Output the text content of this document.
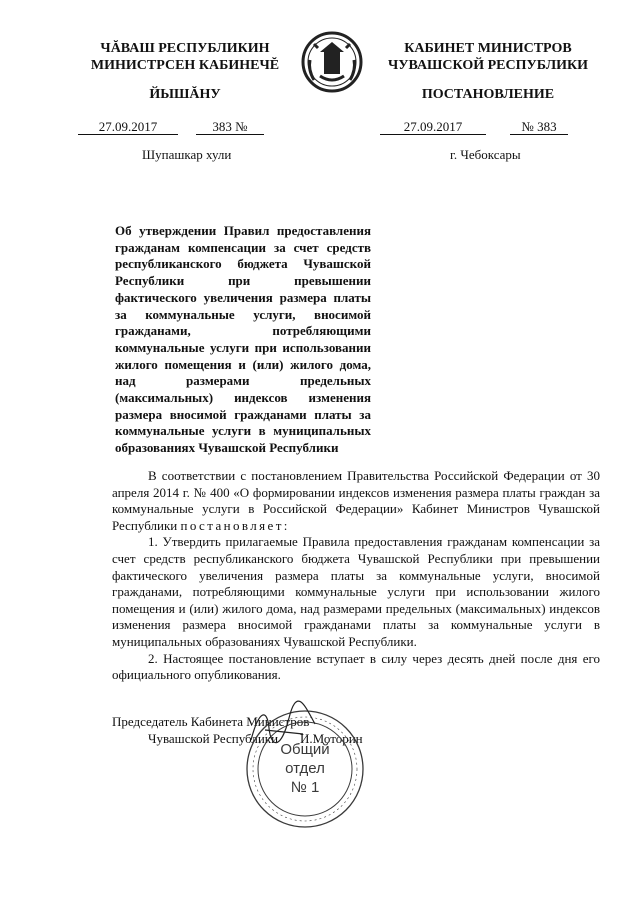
ЧĂВАШ РЕСПУБЛИКИН
МИНИСТРСЕН КАБИНЕЧĔ
ЙЫШĂНУ
КАБИНЕТ МИНИСТРОВ
ЧУВАШСКОЙ РЕСПУБЛИКИ
ПОСТАНОВЛЕНИЕ
27.09.2017	383 №	27.09.2017	№ 383
Шупашкар хули	г. Чебоксары
Об утверждении Правил предоставления гражданам компенсации за счет средств республиканского бюджета Чувашской Республики при превышении фактического увеличения размера платы за коммунальные услуги, вносимой гражданами, потребляющими коммунальные услуги при использовании жилого помещения и (или) жилого дома, над размерами предельных (максимальных) индексов изменения размера вносимой гражданами платы за коммунальные услуги в муниципальных образованиях Чувашской Республики

В соответствии с постановлением Правительства Российской Федерации от 30 апреля 2014 г. № 400 «О формировании индексов изменения размера платы граждан за коммунальные услуги в Российской Федерации» Кабинет Министров Чувашской Республики постановляет:

1. Утвердить прилагаемые Правила предоставления гражданам компенсации за счет средств республиканского бюджета Чувашской Республики при превышении фактического увеличения размера платы за коммунальные услуги, вносимой гражданами, потребляющими коммунальные услуги при использовании жилого помещения и (или) жилого дома, над размерами предельных (максимальных) индексов изменения размера вносимой гражданами платы за коммунальные услуги в муниципальных образованиях Чувашской Республики.

2. Настоящее постановление вступает в силу через десять дней после дня его официального опубликования.

Председатель Кабинета Министров
Чувашской Республики И.Моторин
Общий
отдел
№ 1
